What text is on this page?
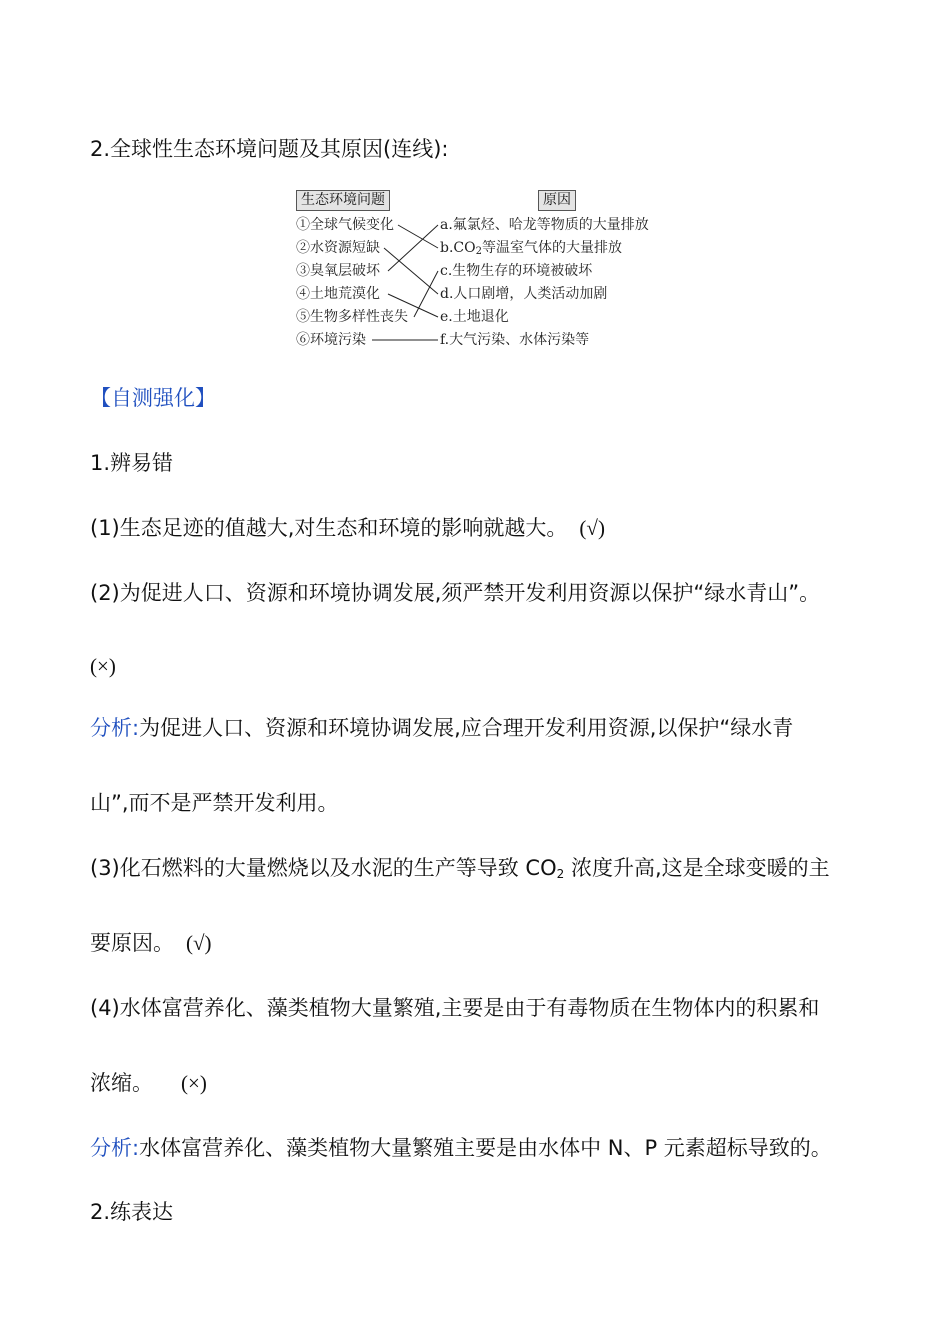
2.全球性生态环境问题及其原因(连线):
生态环境问题	原因
①全球气候变化
②水资源短缺
③臭氧层破坏
④土地荒漠化
⑤生物多样性丧失
⑥环境污染
a.氟氯烃、哈龙等物质的大量排放
$b.CO_2$等温室气体的大量排放
c.生物生存的环境被破坏
d.人口剧增，人类活动加剧
e.土地退化
f.大气污染、水体污染等
【自测强化】
1.辨易错
(1)生态足迹的值越大,对生态和环境的影响就越大。 (√)
(2)为促进人口、资源和环境协调发展,须严禁开发利用资源以保护“绿水青山”。
(×)
分析:为促进人口、资源和环境协调发展,应合理开发利用资源,以保护“绿水青
山”,而不是严禁开发利用。
(3)化石燃料的大量燃烧以及水泥的生产等导致 $CO_2$ 浓度升高,这是全球变暖的主
要原因。 (√)
(4)水体富营养化、藻类植物大量繁殖,主要是由于有毒物质在生物体内的积累和
浓缩。 (×)
分析:水体富营养化、藻类植物大量繁殖主要是由水体中 N、P 元素超标导致的。
2.练表达
